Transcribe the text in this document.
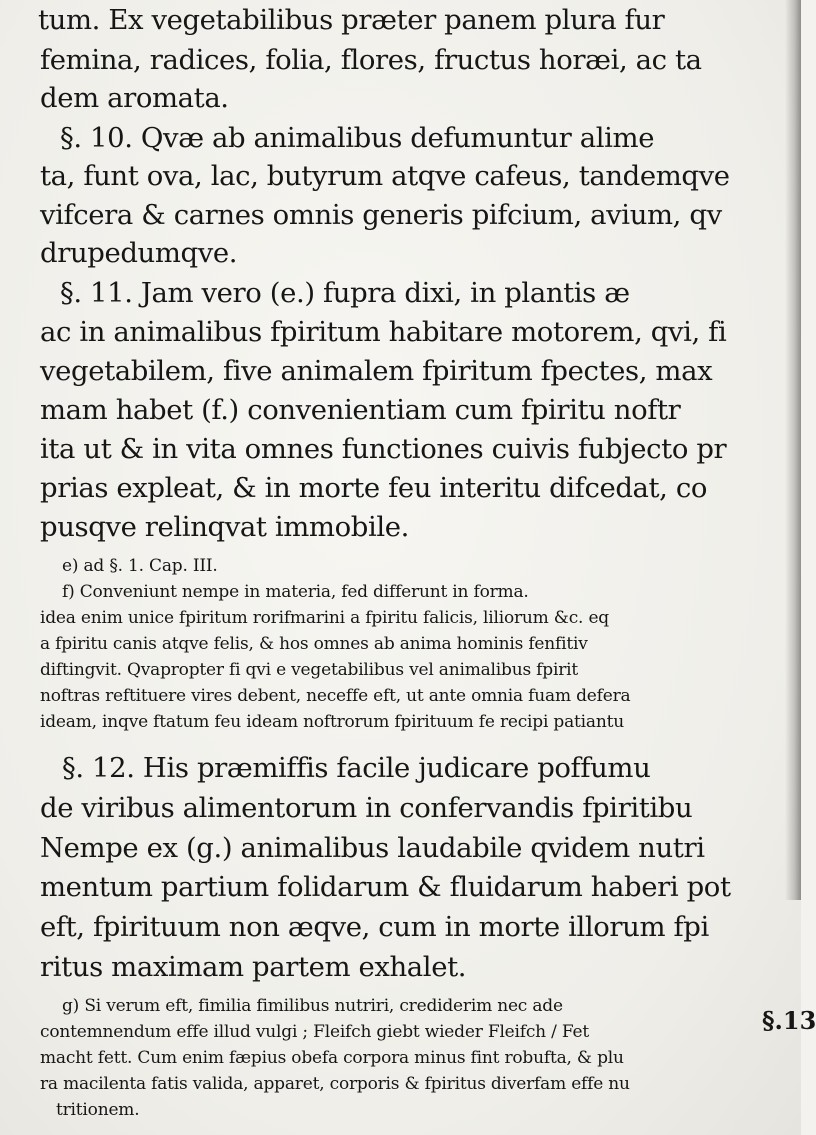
tum. Ex vegetabilibus præter panem plura fur
femina, radices, folia, flores, fructus horæi, ac ta
dem aromata.
§. 10. Qvæ ab animalibus defumuntur alime
ta, funt ova, lac, butyrum atqve cafeus, tandemqve
vifcera & carnes omnis generis pifcium, avium, qv
drupedumqve.
§. 11. Jam vero (e.) fupra dixi, in plantis æ
ac in animalibus fpiritum habitare motorem, qvi, fi
vegetabilem, five animalem fpiritum fpectes, max
mam habet (f.) convenientiam cum fpiritu noftr
ita ut & in vita omnes functiones cuivis fubjecto pr
prias expleat, & in morte feu interitu difcedat, co
pusqve relinqvat immobile.
e) ad §. 1. Cap. III.
f) Conveniunt nempe in materia, fed differunt in forma.
idea enim unice fpiritum rorifmarini a fpiritu falicis, liliorum &c. eq
a fpiritu canis atqve felis, & hos omnes ab anima hominis fenfitiv
diftingvit. Qvapropter fi qvi e vegetabilibus vel animalibus fpirit
noftras reftituere vires debent, neceffe eft, ut ante omnia fuam defera
ideam, inqve ftatum feu ideam noftrorum fpirituum fe recipi patiantu
§. 12. His præmiffis facile judicare poffumu
de viribus alimentorum in confervandis fpiritibu
Nempe ex (g.) animalibus laudabile qvidem nutri
mentum partium folidarum & fluidarum haberi pot
eft, fpirituum non æqve, cum in morte illorum fpi
ritus maximam partem exhalet.
g) Si verum eft, fimilia fimilibus nutriri, crediderim nec ade
contemnendum effe illud vulgi ; Fleifch giebt wieder Fleifch / Fet
macht fett. Cum enim fæpius obefa corpora minus fint robufta, & plu
ra macilenta fatis valida, apparet, corporis & fpiritus diverfam effe nu
tritionem.
§.13
